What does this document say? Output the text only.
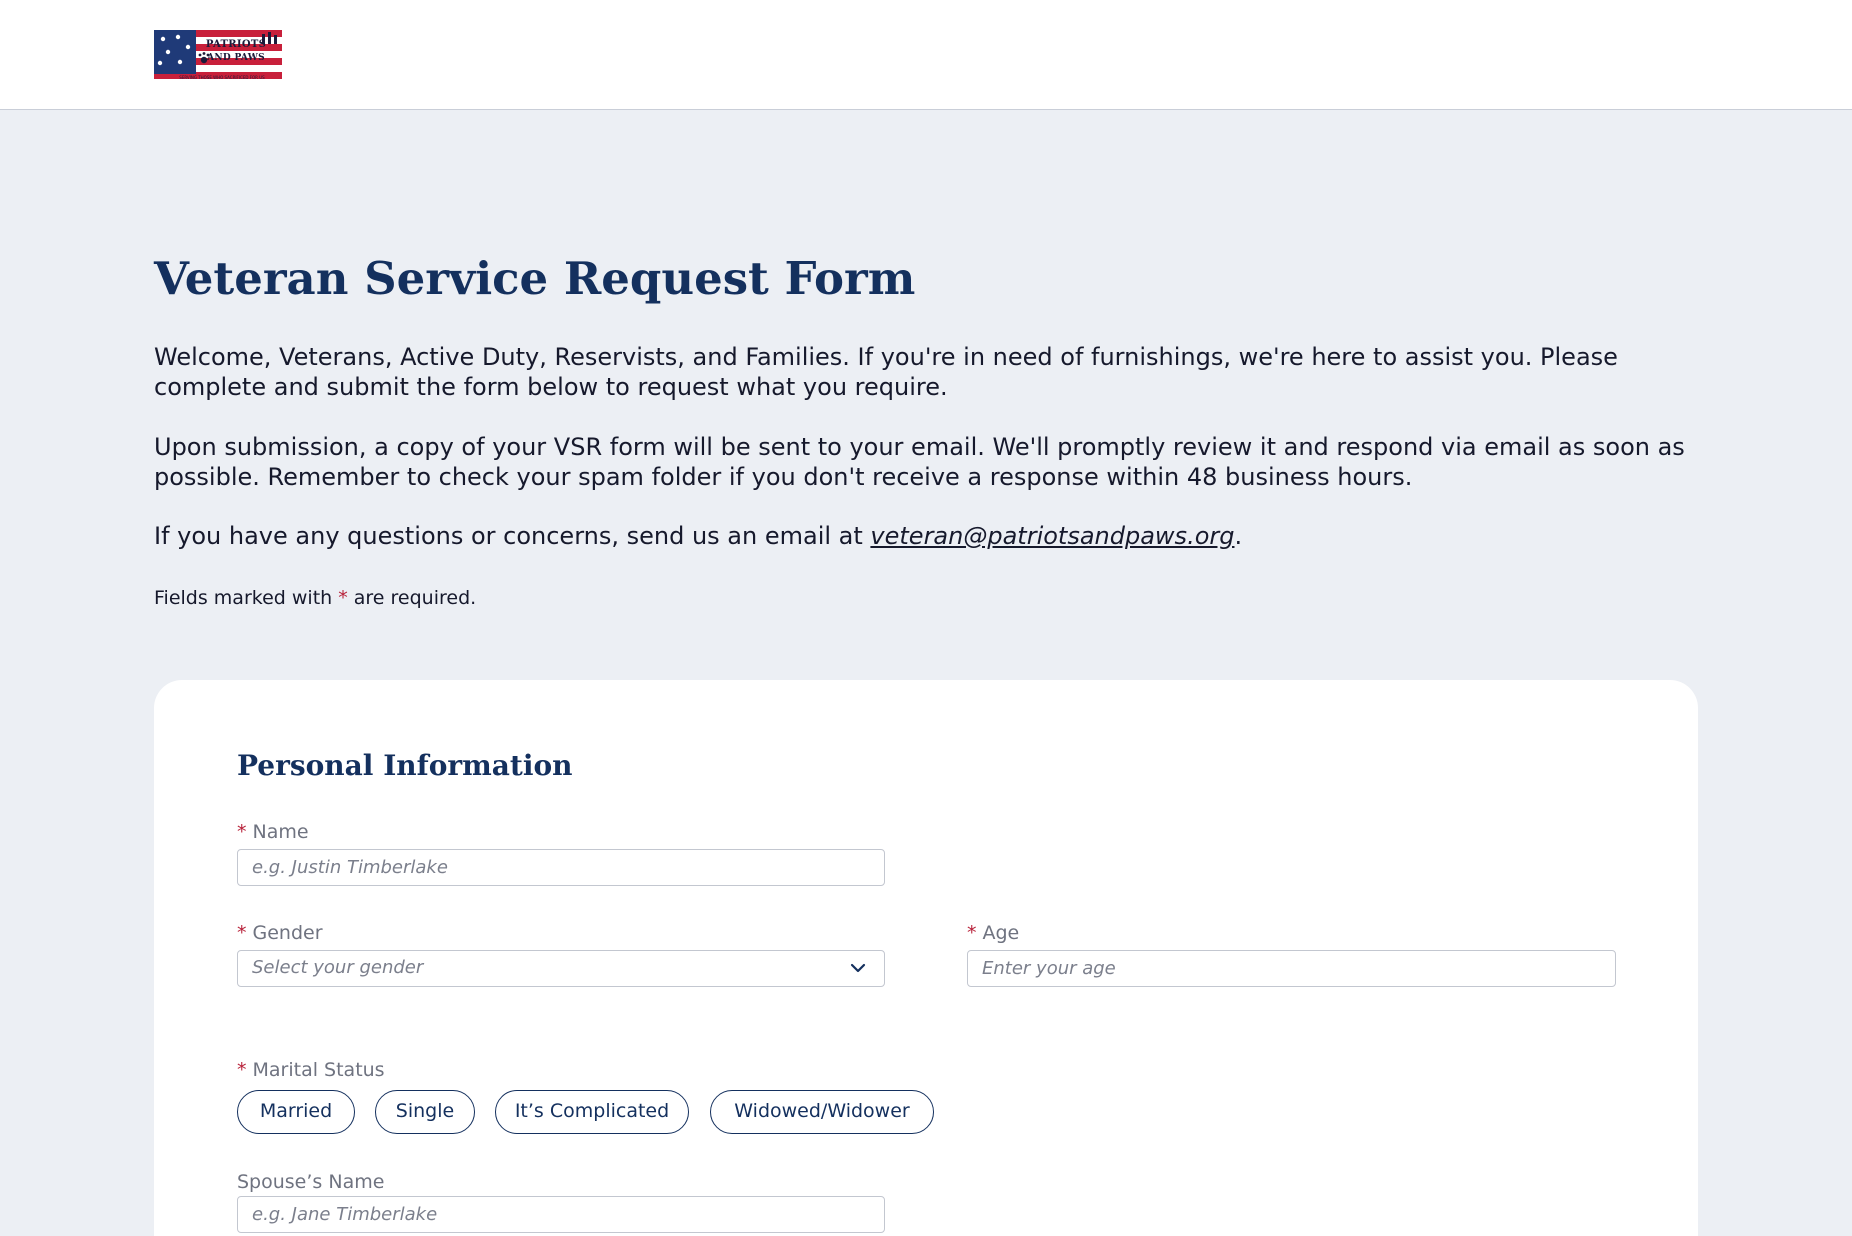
PATRIOTS
AND PAWS
SERVING THOSE WHO SACRIFICED FOR US
Veteran Service Request Form

Welcome, Veterans, Active Duty, Reservists, and Families. If you're in need of furnishings, we're here to assist you. Please complete and submit the form below to request what you require.

Upon submission, a copy of your VSR form will be sent to your email. We'll promptly review it and respond via email as soon as possible. Remember to check your spam folder if you don't receive a response within 48 business hours.

If you have any questions or concerns, send us an email at veteran@patriotsandpaws.org.

Fields marked with * are required.

Personal Information
* Name
e.g. Justin Timberlake
* Gender
Select your gender
* Age
Enter your age
* Marital Status
Married	Single	It’s Complicated	Widowed/Widower
Spouse’s Name
e.g. Jane Timberlake
